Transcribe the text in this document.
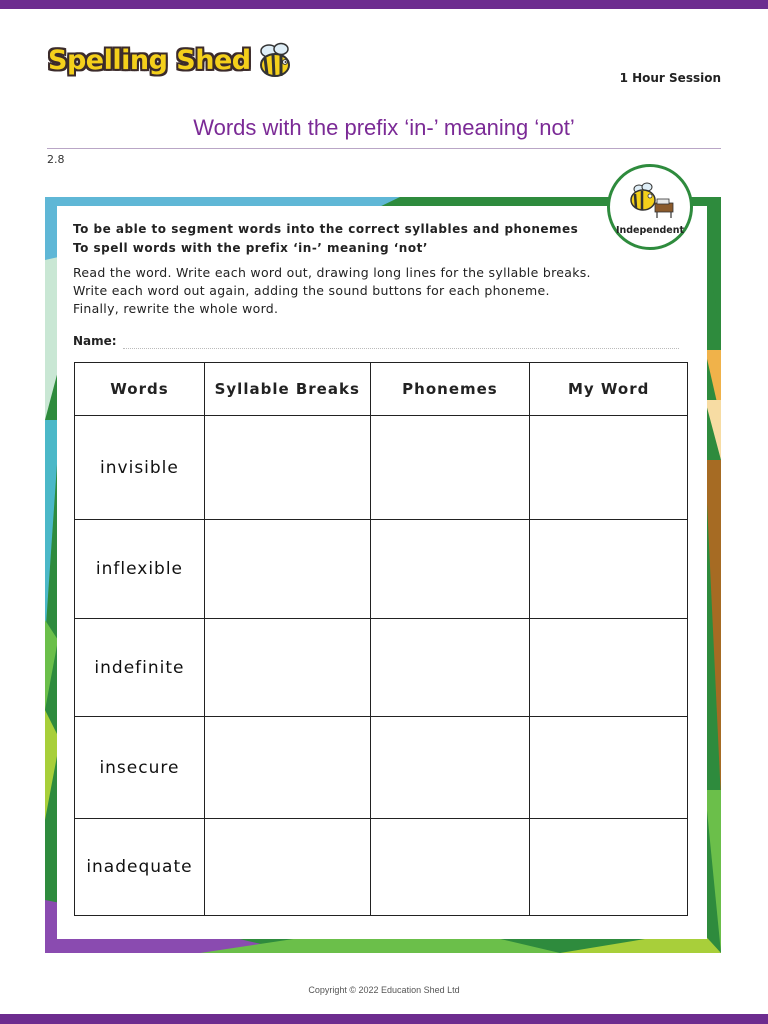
Spelling Shed
1 Hour Session
Words with the prefix ‘in-’ meaning ‘not’
2.8
To be able to segment words into the correct syllables and phonemes
To spell words with the prefix ‘in-’ meaning ‘not’
Read the word. Write each word out, drawing long lines for the syllable breaks.
Write each word out again, adding the sound buttons for each phoneme.
Finally, rewrite the whole word.
Name:
Words	Syllable Breaks	Phonemes	My Word
invisible			
inflexible			
indefinite			
insecure			
inadequate			
Independent
Copyright © 2022 Education Shed Ltd
